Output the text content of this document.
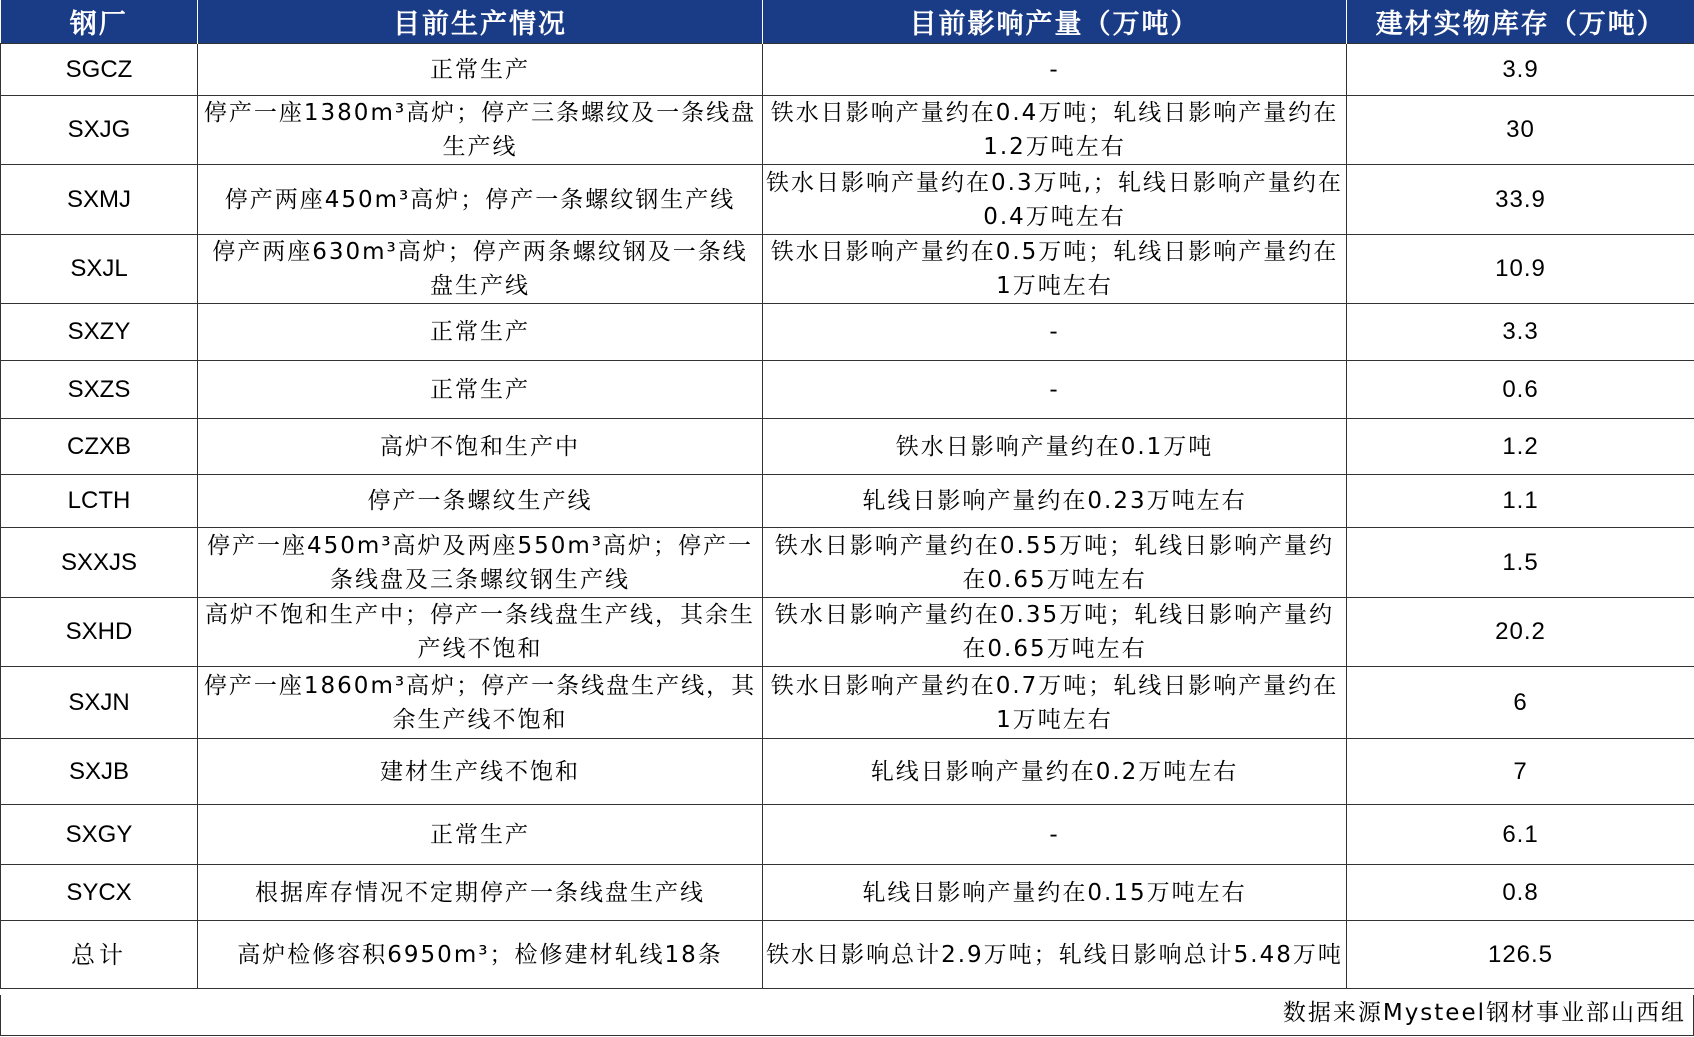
钢厂	目前生产情况	目前影响产量（万吨）	建材实物库存（万吨）
SGCZ	正常生产	-	3.9
SXJG	停产一座1380m³高炉；停产三条螺纹及一条线盘生产线	铁水日影响产量约在0.4万吨；轧线日影响产量约在1.2万吨左右	30
SXMJ	停产两座450m³高炉；停产一条螺纹钢生产线	铁水日影响产量约在0.3万吨,；轧线日影响产量约在0.4万吨左右	33.9
SXJL	停产两座630m³高炉；停产两条螺纹钢及一条线盘生产线	铁水日影响产量约在0.5万吨；轧线日影响产量约在1万吨左右	10.9
SXZY	正常生产	-	3.3
SXZS	正常生产	-	0.6
CZXB	高炉不饱和生产中	铁水日影响产量约在0.1万吨	1.2
LCTH	停产一条螺纹生产线	轧线日影响产量约在0.23万吨左右	1.1
SXXJS	停产一座450m³高炉及两座550m³高炉；停产一条线盘及三条螺纹钢生产线	铁水日影响产量约在0.55万吨；轧线日影响产量约在0.65万吨左右	1.5
SXHD	高炉不饱和生产中；停产一条线盘生产线，其余生产线不饱和	铁水日影响产量约在0.35万吨；轧线日影响产量约在0.65万吨左右	20.2
SXJN	停产一座1860m³高炉；停产一条线盘生产线，其余生产线不饱和	铁水日影响产量约在0.7万吨；轧线日影响产量约在1万吨左右	6
SXJB	建材生产线不饱和	轧线日影响产量约在0.2万吨左右	7
SXGY	正常生产	-	6.1
SYCX	根据库存情况不定期停产一条线盘生产线	轧线日影响产量约在0.15万吨左右	0.8
总计	高炉检修容积6950m³；检修建材轧线18条	铁水日影响总计2.9万吨；轧线日影响总计5.48万吨	126.5
数据来源Mysteel钢材事业部山西组
